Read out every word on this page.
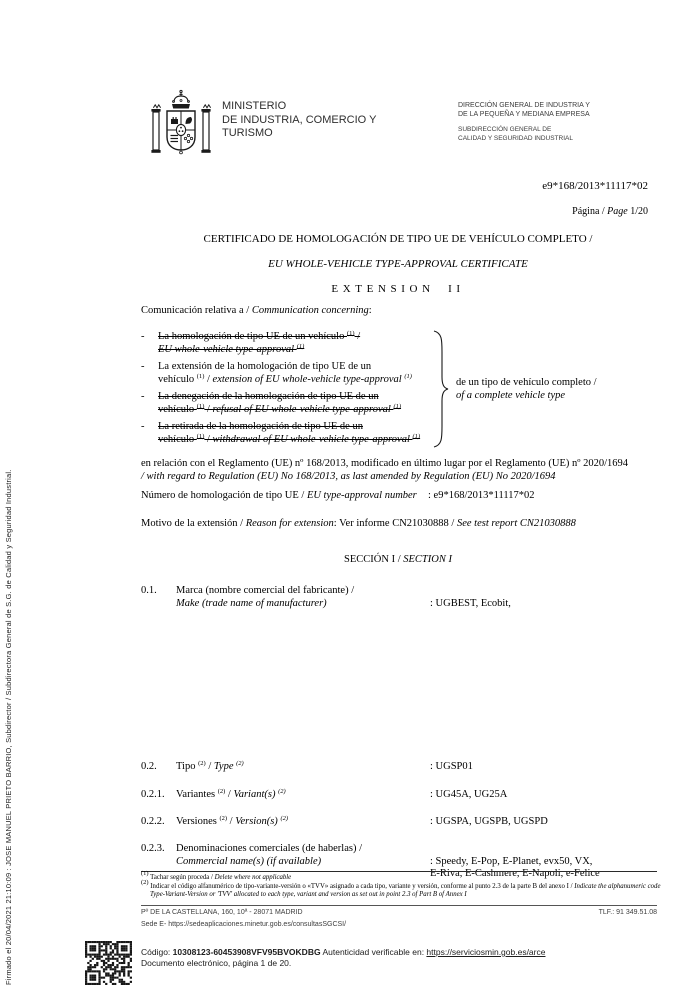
Firmado el 20/04/2021 21:10:09 : JOSE MANUEL PRIETO BARRIO, Subdirector / Subdirectora General de S.G. de Calidad y Seguridad Industrial.
MINISTERIO
DE INDUSTRIA, COMERCIO Y
TURISMO
DIRECCIÓN GENERAL DE INDUSTRIA Y
DE LA PEQUEÑA Y MEDIANA EMPRESA
SUBDIRECCIÓN GENERAL DE
CALIDAD Y SEGURIDAD INDUSTRIAL
e9*168/2013*11117*02
Página / Page 1/20
CERTIFICADO DE HOMOLOGACIÓN DE TIPO UE DE VEHÍCULO COMPLETO /
EU WHOLE-VEHICLE TYPE-APPROVAL CERTIFICATE
EXTENSION II
Comunicación relativa a / Communication concerning:
-	La homologación de tipo UE de un vehículo $^{(1)}$ /
EU whole-vehicle type-approval $^{(1)}$
-	La extensión de la homologación de tipo UE de un
vehículo $^{(1)}$ / extension of EU whole-vehicle type-approval $^{(1)}$
-	La denegación de la homologación de tipo UE de un
vehículo $^{(1)}$ / refusal of EU whole-vehicle type-approval $^{(1)}$
-	La retirada de la homologación de tipo UE de un
vehículo $^{(1)}$ / withdrawal of EU whole-vehicle type-approval $^{(1)}$
de un tipo de vehículo completo /
of a complete vehicle type
en relación con el Reglamento (UE) nº 168/2013, modificado en último lugar por el Reglamento (UE) nº 2020/1694
/ with regard to Regulation (EU) No 168/2013, as last amended by Regulation (EU) No 2020/1694
Número de homologación de tipo UE / EU type-approval number : e9*168/2013*11117*02
Motivo de la extensión / Reason for extension: Ver informe CN21030888 / See test report CN21030888
SECCIÓN I / SECTION I
0.1. Marca (nombre comercial del fabricante) /
Make (trade name of manufacturer)	: UGBEST, Ecobit,
0.2. Tipo $^{(2)}$ / Type $^{(2)}$	: UGSP01
0.2.1. Variantes $^{(2)}$ / Variant(s) $^{(2)}$	: UG45A, UG25A
0.2.2. Versiones $^{(2)}$ / Version(s) $^{(2)}$	: UGSPA, UGSPB, UGSPD
0.2.3. Denominaciones comerciales (de haberlas) /
Commercial name(s) (if available)	: Speedy, E-Pop, E-Planet, evx50, VX,
E-Riva, E-Cashmere, E-Napoli, e-Felice
$^{(1)}$ Tachar según proceda / Delete where not applicable
$^{(2)}$ Indicar el código alfanumérico de tipo-variante-versión o «TVV» asignado a cada tipo, variante y versión, conforme al punto 2.3 de la parte B del anexo I / Indicate the alphanumeric code Type-Variant-Version or 'TVV' allocated to each type, variant and version as set out in point 2.3 of Part B of Annex I
Pº DE LA CASTELLANA, 160, 10ª - 28071 MADRID	TLF.: 91 349.51.08
Sede E- https://sedeaplicaciones.minetur.gob.es/consultasSGCSI/
Código: 10308123-60453908VFV95BVOKDBG Autenticidad verificable en: https://serviciosmin.gob.es/arce
Documento electrónico, página 1 de 20.
